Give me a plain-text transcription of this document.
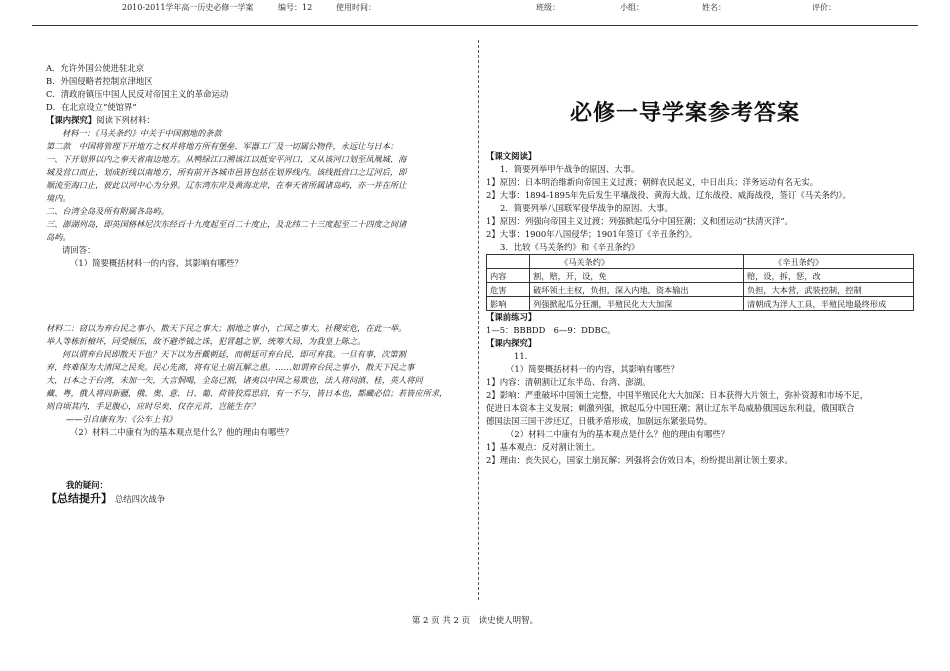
2010-2011学年高一历史必修一学案	编号：12	使用时间：	班级：	小组：	姓名：	评价：

A．允许外国公使进驻北京

B．外国侵略者控制京津地区

C．清政府镇压中国人民反对帝国主义的革命运动

D．在北京设立“使馆界”

【课内探究】阅读下列材料：

材料一：《马关条约》中关于中国割地的条款

第二款　中国将管理下开地方之权并将地方所有堡垒、军器工厂及一切属公物件，永远让与日本：

一、下开划界以内之奉天省南边地方。从鸭绿江口溯该江以抵安平河口，又从该河口划至凤凰城、海

城及营口而止，划成折线以南地方，所有前开各城市邑皆包括在划界线内。该线抵营口之辽河后，即

顺流至海口止，彼此以河中心为分界。辽东湾东岸及黄海北岸，在奉天省所属诸岛屿，亦一并在所让

境内。

二、台湾全岛及所有附属各岛屿。

三、澎湖列岛，即英国格林尼次东经百十九度起至百二十度止，及北纬二十三度起至二十四度之间诸

岛屿。

请回答：

（1）简要概括材料一的内容，其影响有哪些？

材料二：窃以为弃台民之事小，散天下民之事大；割地之事小，亡国之事大。社稷安危，在此一举。

举人等栋折榱坏，同受倾压，故不避斧钺之诛，犯冒越之罪，统筹大局，为我皇上陈之。

何以谓弃台民即散天下也？天下以为吾戴朝廷，而朝廷可弃台民，即可弃我。一旦有事，次第割

弃，终难保为大清国之民矣。民心先离，将有见土崩瓦解之患。……如谓弃台民之事小，散天下民之事

大，日本之于台湾，未加一矢，大言恫喝，全岛已割，诸夷以中国之易欺也，法人将问滇、桂，英人将问

藏、粤，俄人将问新疆，俄、奥、意、日、葡、荷皆狡焉思启，有一不与，皆日本也，都藏必信；若皆应所求，

则自顷其内，手足腹心，应时尽矣，仅存元首，岂能生存？

——引自康有为：《公车上书》

（2）材料二中康有为的基本观点是什么？他的理由有哪些？

我的疑问：

【总结提升】　 总结四次战争

必修一导学案参考答案

【课文阅读】

1．简要列举甲午战争的原因、大事。

1】原因：日本明治维新向帝国主义过渡；朝鲜农民起义，中日出兵；洋务运动有名无实。

2】大事：1894-1895年先后发生平壤战役、黄海大战、辽东战役、威海战役，签订《马关条约》。

2．简要列举八国联军侵华战争的原因、大事。

1】原因：列强向帝国主义过渡；列强掀起瓜分中国狂潮；义和团运动“扶清灭洋”。

2】大事：1900年八国侵华；1901年签订《辛丑条约》。

3．比较《马关条约》和《辛丑条约》

	《马关条约》	《辛丑条约》
内容	割，赔，开，设，免	赔，设，拆，惩，改
危害	破坏领土主权，负担，深入内地，资本输出	负担，大本营，武装控制，控制
影响	列强掀起瓜分狂潮，半殖民化大大加深	清朝成为洋人工具，半殖民地最终形成

【课前练习】

1—5：BBBDD　6—9：DDBC。

【课内探究】

11.

（1）简要概括材料一的内容，其影响有哪些？

1】内容：清朝割让辽东半岛、台湾、澎湖。

2】影响：严重破坏中国领土完整，中国半殖民化大大加深；日本获得大片领土，弥补资源和市场不足，

促进日本资本主义发展；刺激列强，掀起瓜分中国狂潮；割让辽东半岛威胁俄国远东利益，俄国联合

德国法国三国干涉还辽，日俄矛盾形成，加剧远东紧张局势。

（2）材料二中康有为的基本观点是什么？他的理由有哪些？

1】基本观点：反对割让领土。

2】理由：丧失民心，国家土崩瓦解；列强将会仿效日本，纷纷提出割让领土要求。

第 2 页 共 2 页　读史使人明智。
